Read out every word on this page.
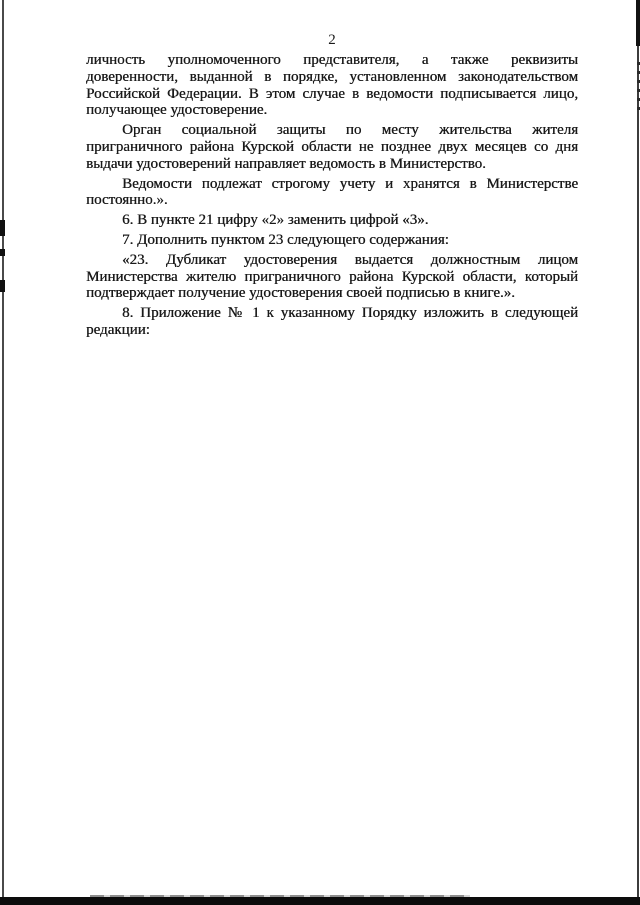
2
личность уполномоченного представителя, а также реквизиты
доверенности, выданной в порядке, установленном законодательством
Российской Федерации. В этом случае в ведомости подписывается лицо,
получающее удостоверение.
Орган социальной защиты по месту жительства жителя
приграничного района Курской области не позднее двух месяцев со дня
выдачи удостоверений направляет ведомость в Министерство.
Ведомости подлежат строгому учету и хранятся в Министерстве
постоянно.».
6. В пункте 21 цифру «2» заменить цифрой «3».
7. Дополнить пунктом 23 следующего содержания:
«23. Дубликат удостоверения выдается должностным лицом
Министерства жителю приграничного района Курской области, который
подтверждает получение удостоверения своей подписью в книге.».
8. Приложение № 1 к указанному Порядку изложить в следующей
редакции:
